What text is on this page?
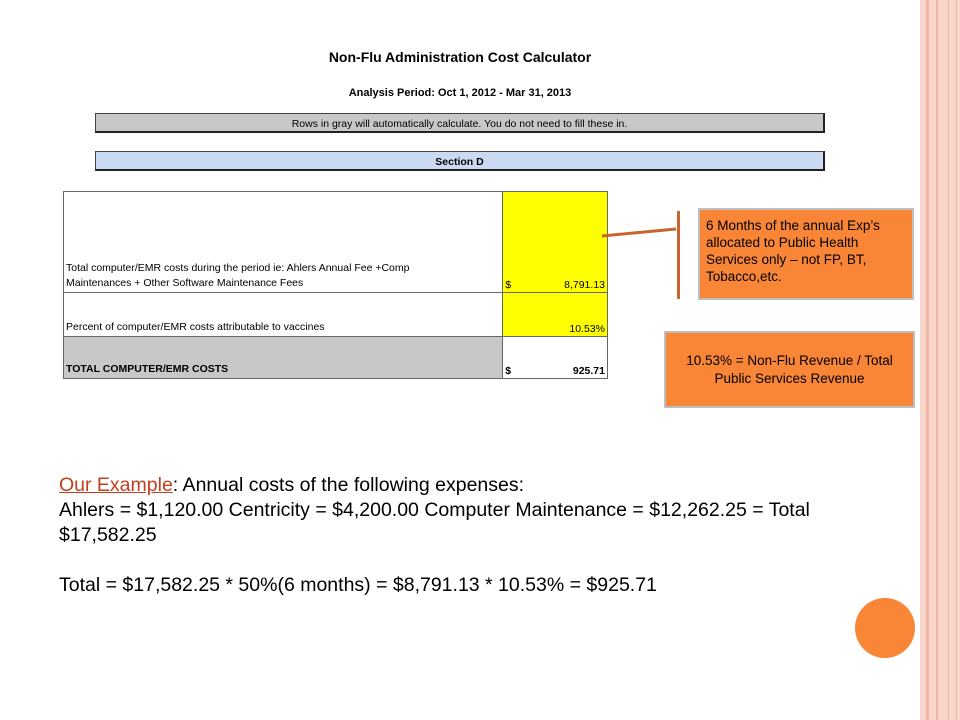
Non-Flu Administration Cost Calculator
Analysis Period: Oct 1, 2012 - Mar 31, 2013
Rows in gray will automatically calculate. You do not need to fill these in.
Section D
Total computer/EMR costs during the period ie: Ahlers Annual Fee +Comp
Maintenances + Other Software Maintenance Fees	$ 8,791.13

Percent of computer/EMR costs attributable to vaccines	10.53%

TOTAL COMPUTER/EMR COSTS	$ 925.71
6 Months of the annual Exp’s allocated to Public Health Services only – not FP, BT, Tobacco,etc.
10.53% = Non-Flu Revenue / Total Public Services Revenue

Our Example: Annual costs of the following expenses:

Ahlers = $1,120.00 Centricity = $4,200.00 Computer Maintenance = $12,262.25 = Total $17,582.25

Total = $17,582.25 * 50%(6 months) = $8,791.13 * 10.53% = $925.71
